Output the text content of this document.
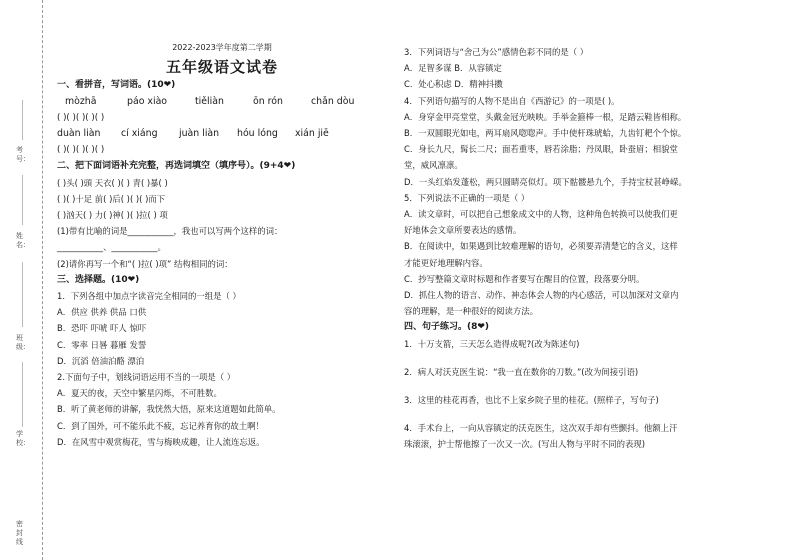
考号：
姓名：
班级：
学校：
密封线
2022-2023学年度第二学期
五年级语文试卷
一、看拼音，写词语。(10❤)
mòzhā	páo xiào	tiěliàn	ōn rón	chǎn dòu
( )( )( )( )( )
duàn liàn	cí xiáng	juàn liàn	hóu lóng	xián jiē
( )( )( )( )( )
二、把下面词语补充完整，再选词填空（填序号）。(9+4❤)
( )头( )頭 天衣( )( ) 青( )暴( )
( )( )十足 前( )后( )( )( )而下
( )汹天( ) 力( )神( )( )拉( ) 项
(1)带有比喻的词是___________，我也可以写两个这样的词：
___________、___________。
(2)请你再写一个和“( )拉( )项” 结构相同的词：
三、选择题。(10❤)
1．下列各组中加点字读音完全相同的一组是（ ）
A．供应 供养 供品 口供
B．恐吓 吓唬 吓人 惊吓
C．零率 日晷 暮雁 发誓
D．沉滔 倍油泊酪 漂泊
2.下面句子中，划线词语运用不当的一项是（ ）
A．夏天的夜，天空中繁星闪烁，不可胜数。
B．听了黄老师的讲解，我恍然大悟，原来这道题如此简单。
C．到了国外，可不能乐此不疲，忘记养育你的故土啊！
D．在风雪中观赏梅花，雪与梅映成趣，让人流连忘返。
3．下列词语与“舍己为公”感情色彩不同的是（ ）
A．足智多谋 B．从容镇定
C．处心积虑 D．精神抖擞
4．下列语句描写的人物不是出自《西游记》的一项是( )。
A．身穿金甲亮堂堂，头戴金冠光映映。手举金箍棒一根，足踏云鞋皆相称。
B．一双圆眼光如电，两耳扇风唿唿声。手中使杆珠琥蛤，九齿钉耙个个惊。
C．身长九尺，髯长二尺；面若重枣，唇若涂脂；丹凤眼，卧蚕眉；相貌堂
堂，威风凛凛。
D．一头红焰发蓬松，两只圆睛亮似灯。项下骷髅悬九个，手持宝杖甚峥嵘。
5．下列说法不正确的一项是（ ）
A．读文章时，可以把自己想象成文中的人物，这种角色转换可以使我们更
好地体会文章所要表达的感情。
B．在阅读中，如果遇到比较难理解的语句，必须要弄清楚它的含义，这样
才能更好地理解内容。
C．抄写整篇文章时标题和作者要写在醒目的位置，段落要分明。
D．抓住人物的语言、动作、神态体会人物的内心感活，可以加深对文章内
容的理解，是一种很好的阅读方法。
四、句子练习。(8❤)
1．十万支箭，三天怎么造得成呢?(改为陈述句)
2．病人对沃克医生说：“我一直在数你的刀数。”(改为间接引语)
3．这里的桂花再香，也比不上家乡院子里的桂花。(照样子，写句子)
4．手术台上，一向从容镇定的沃克医生，这次双手却有些颤抖。他额上汗
珠滚滚，护士帮他擦了一次又一次。(写出人物与平时不同的表现)
